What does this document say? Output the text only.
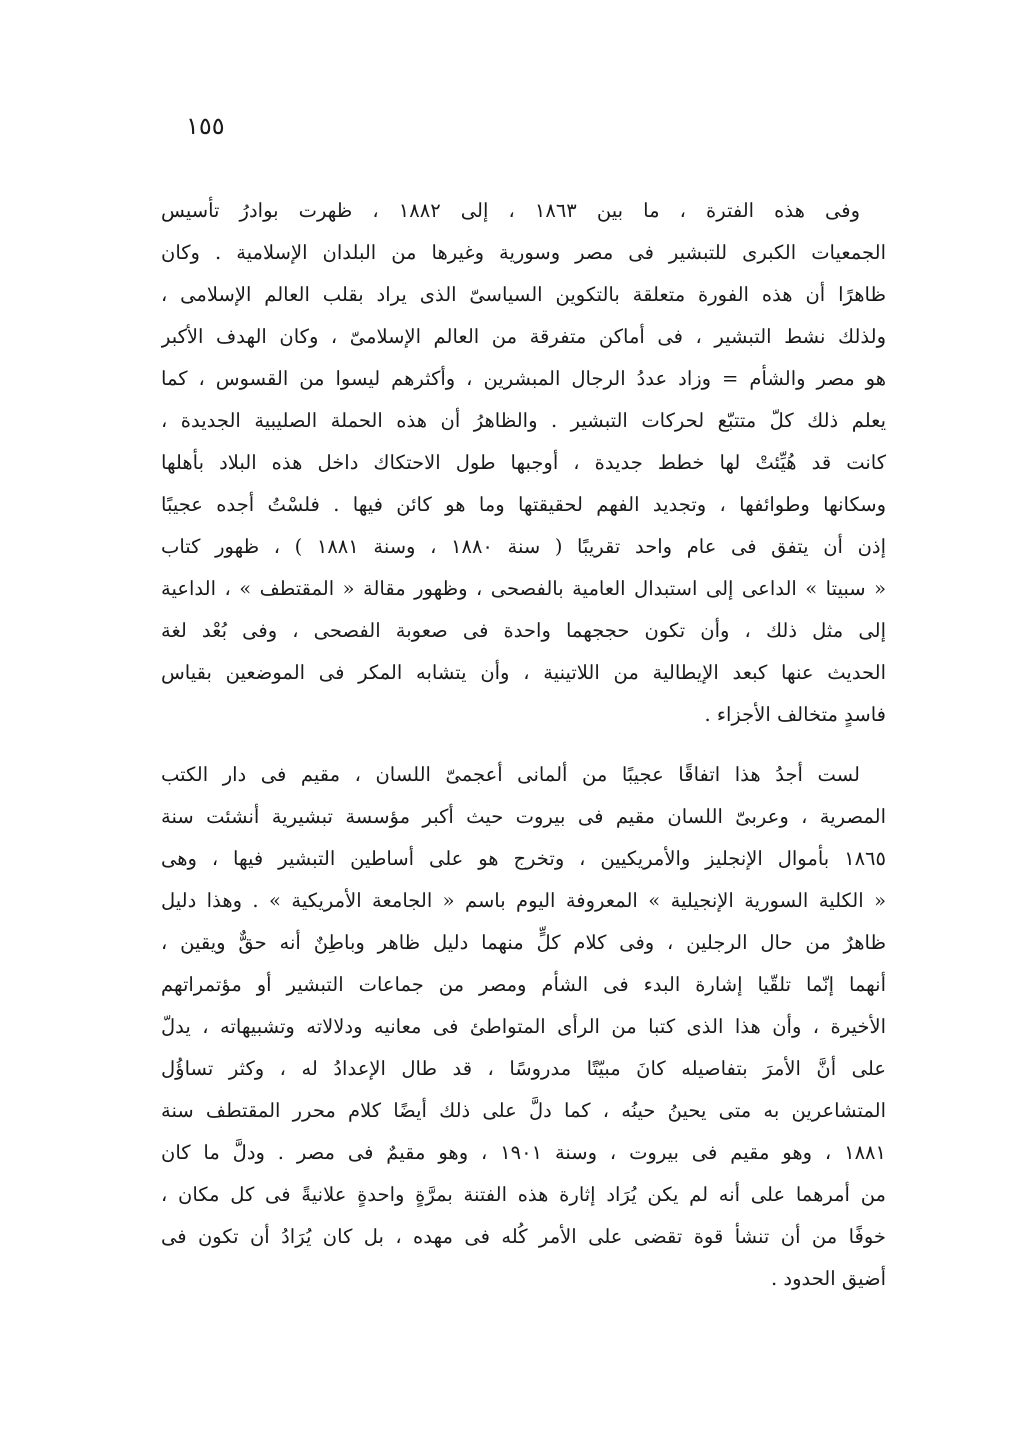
١٥٥
وفى هذه الفترة ، ما بين ١٨٦٣ ، إلى ١٨٨٢ ، ظهرت بوادرُ تأسيس
الجمعيات الكبرى للتبشير فى مصر وسورية وغيرها من البلدان الإسلامية . وكان
ظاهرًا أن هذه الفورة متعلقة بالتكوين السياسىّ الذى يراد بقلب العالم الإسلامى ،
ولذلك نشط التبشير ، فى أماكن متفرقة من العالم الإسلامىّ ، وكان الهدف الأكبر
هو مصر والشأم = وزاد عددُ الرجال المبشرين ، وأكثرهم ليسوا من القسوس ، كما
يعلم ذلك كلّ متتبّع لحركات التبشير . والظاهرُ أن هذه الحملة الصليبية الجديدة ،
كانت قد هُيِّئتْ لها خطط جديدة ، أوجبها طول الاحتكاك داخل هذه البلاد بأهلها
وسكانها وطوائفها ، وتجديد الفهم لحقيقتها وما هو كائن فيها . فلسْتُ أجده عجيبًا
إذن أن يتفق فى عام واحد تقريبًا ( سنة ١٨٨٠ ، وسنة ١٨٨١ ) ، ظهور كتاب
« سبيتا » الداعى إلى استبدال العامية بالفصحى ، وظهور مقالة « المقتطف » ، الداعية
إلى مثل ذلك ، وأن تكون حججهما واحدة فى صعوبة الفصحى ، وفى بُعْد لغة
الحديث عنها كبعد الإيطالية من اللاتينية ، وأن يتشابه المكر فى الموضعين بقياس
فاسدٍ متخالف الأجزاء .
لست أجدُ هذا اتفاقًا عجيبًا من ألمانى أعجمىّ اللسان ، مقيم فى دار الكتب
المصرية ، وعربىّ اللسان مقيم فى بيروت حيث أكبر مؤسسة تبشيرية أنشئت سنة
١٨٦٥ بأموال الإنجليز والأمريكيين ، وتخرج هو على أساطين التبشير فيها ، وهى
« الكلية السورية الإنجيلية » المعروفة اليوم باسم « الجامعة الأمريكية » . وهذا دليل
ظاهرٌ من حال الرجلين ، وفى كلام كلٍّ منهما دليل ظاهر وباطِنٌ أنه حقٌّ ويقين ،
أنهما إنّما تلقّيا إشارة البدء فى الشأم ومصر من جماعات التبشير أو مؤتمراتهم
الأخيرة ، وأن هذا الذى كتبا من الرأى المتواطئ فى معانيه ودلالاته وتشبيهاته ، يدلّ
على أنَّ الأمرَ بتفاصيله كانَ مبيّتًا مدروسًا ، قد طال الإعدادُ له ، وكثر تساؤُل
المتشاعرين به متى يحينُ حينُه ، كما دلَّ على ذلك أيضًا كلام محرر المقتطف سنة
١٨٨١ ، وهو مقيم فى بيروت ، وسنة ١٩٠١ ، وهو مقيمٌ فى مصر . ودلَّ ما كان
من أمرهما على أنه لم يكن يُرَاد إثارة هذه الفتنة بمرَّةٍ واحدةٍ علانيةً فى كل مكان ،
خوفًا من أن تنشأ قوة تقضى على الأمر كُله فى مهده ، بل كان يُرَادُ أن تكون فى
أضيق الحدود .
